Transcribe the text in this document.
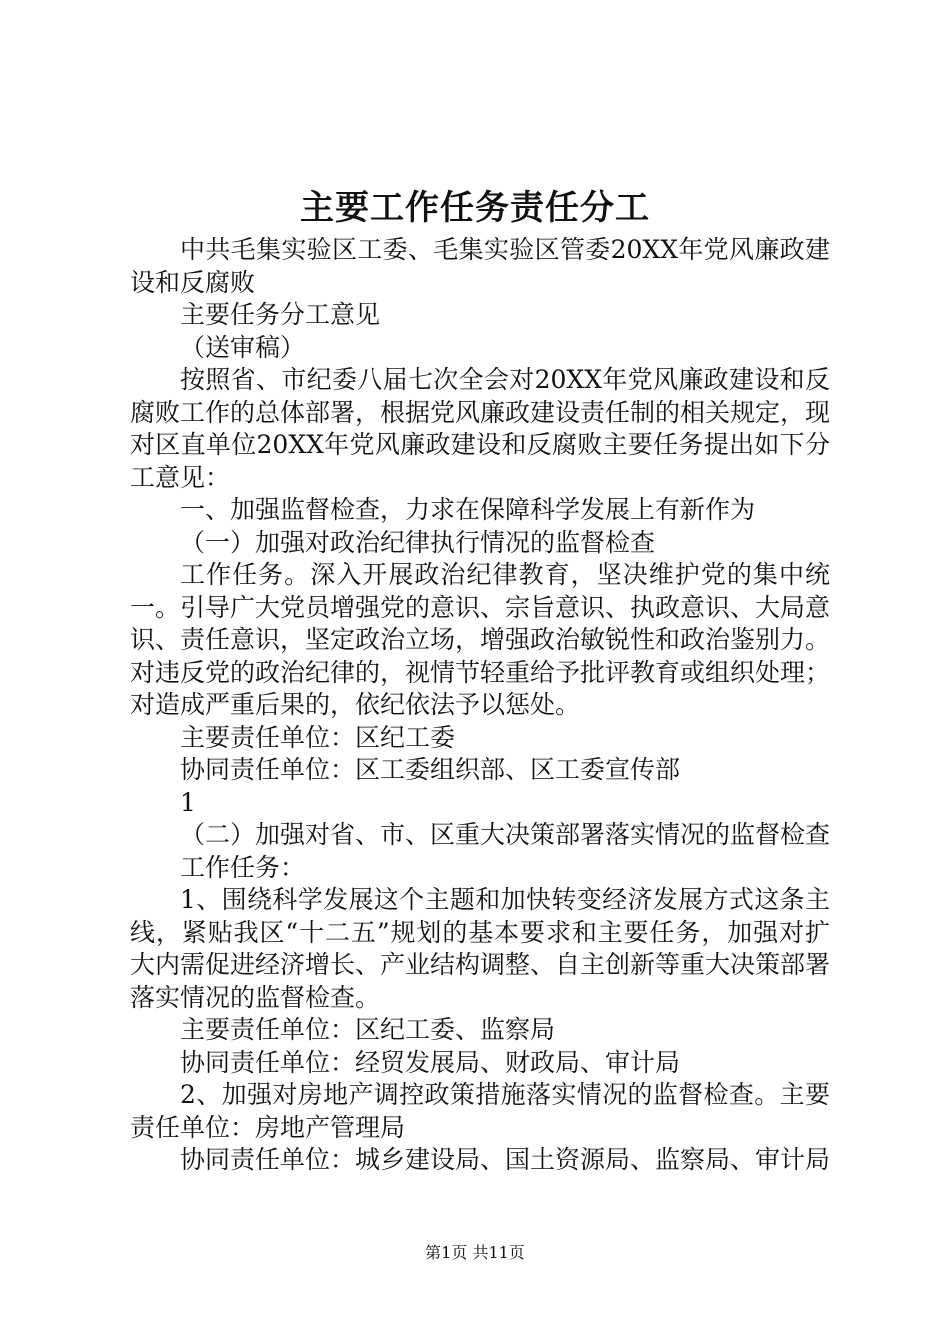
主要工作任务责任分工

中共毛集实验区工委、毛集实验区管委20XX年党风廉政建设和反腐败

主要任务分工意见

（送审稿）

按照省、市纪委八届七次全会对20XX年党风廉政建设和反腐败工作的总体部署，根据党风廉政建设责任制的相关规定，现对区直单位20XX年党风廉政建设和反腐败主要任务提出如下分工意见：

一、加强监督检查，力求在保障科学发展上有新作为

（一）加强对政治纪律执行情况的监督检查

工作任务。深入开展政治纪律教育，坚决维护党的集中统一。引导广大党员增强党的意识、宗旨意识、执政意识、大局意识、责任意识，坚定政治立场，增强政治敏锐性和政治鉴别力。对违反党的政治纪律的，视情节轻重给予批评教育或组织处理；对造成严重后果的，依纪依法予以惩处。

主要责任单位：区纪工委

协同责任单位：区工委组织部、区工委宣传部

1

（二）加强对省、市、区重大决策部署落实情况的监督检查

工作任务：

1、围绕科学发展这个主题和加快转变经济发展方式这条主线，紧贴我区“十二五”规划的基本要求和主要任务，加强对扩大内需促进经济增长、产业结构调整、自主创新等重大决策部署落实情况的监督检查。

主要责任单位：区纪工委、监察局

协同责任单位：经贸发展局、财政局、审计局

2、加强对房地产调控政策措施落实情况的监督检查。主要责任单位：房地产管理局

协同责任单位：城乡建设局、国土资源局、监察局、审计局

第1页 共11页
